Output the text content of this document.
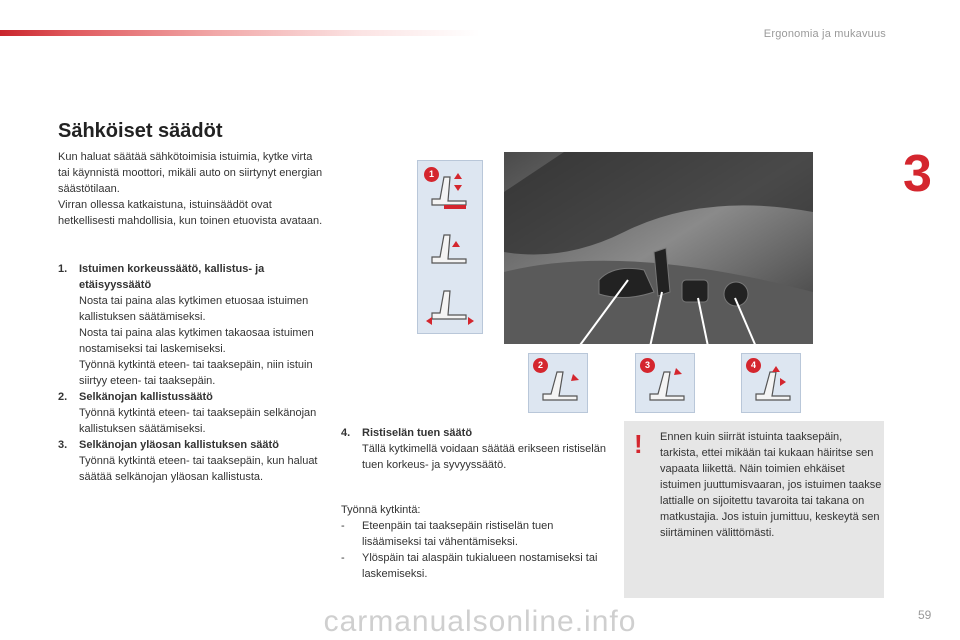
Ergonomia ja mukavuus
3
Sähköiset säädöt

Kun haluat säätää sähkötoimisia istuimia, kytke virta tai käynnistä moottori, mikäli auto on siirtynyt energian säästötilaan.

Virran ollessa katkaistuna, istuinsäädöt ovat hetkellisesti mahdollisia, kun toinen etuovista avataan.

1. Istuimen korkeussäätö, kallistus- ja etäisyyssäätö

Nosta tai paina alas kytkimen etuosaa istuimen kallistuksen säätämiseksi.

Nosta tai paina alas kytkimen takaosaa istuimen nostamiseksi tai laskemiseksi.

Työnnä kytkintä eteen- tai taaksepäin, niin istuin siirtyy eteen- tai taaksepäin.

2. Selkänojan kallistussäätö

Työnnä kytkintä eteen- tai taaksepäin selkänojan kallistuksen säätämiseksi.

3. Selkänojan yläosan kallistuksen säätö

Työnnä kytkintä eteen- tai taaksepäin, kun haluat säätää selkänojan yläosan kallistusta.

1
2	3	4
4. Ristiselän tuen säätö

Tällä kytkimellä voidaan säätää erikseen ristiselän tuen korkeus- ja syvyyssäätö.

Työnnä kytkintä:

- Eteenpäin tai taaksepäin ristiselän tuen lisäämiseksi tai vähentämiseksi.
- Ylöspäin tai alaspäin tukialueen nostamiseksi tai laskemiseksi.
! Ennen kuin siirrät istuinta taaksepäin, tarkista, ettei mikään tai kukaan häiritse sen vapaata liikettä. Näin toimien ehkäiset istuimen juuttumisvaaran, jos istuimen taakse lattialle on sijoitettu tavaroita tai takana on matkustajia. Jos istuin jumittuu, keskeytä sen siirtäminen välittömästi.
carmanualsonline.info	59
